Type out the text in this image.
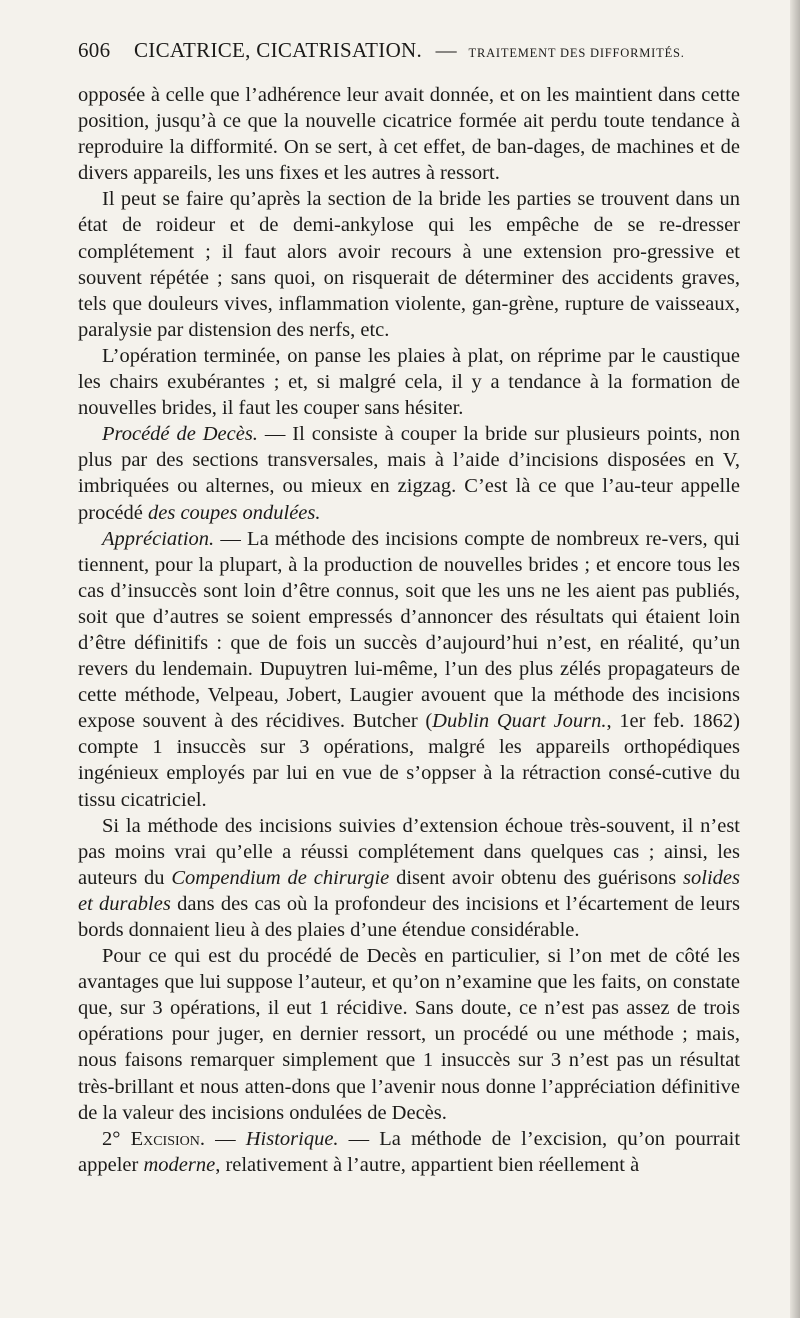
606 CICATRICE, CICATRISATION. — TRAITEMENT DES DIFFORMITÉS.

opposée à celle que l’adhérence leur avait donnée, et on les maintient dans cette position, jusqu’à ce que la nouvelle cicatrice formée ait perdu toute tendance à reproduire la difformité. On se sert, à cet effet, de ban-dages, de machines et de divers appareils, les uns fixes et les autres à ressort.

Il peut se faire qu’après la section de la bride les parties se trouvent dans un état de roideur et de demi-ankylose qui les empêche de se re-dresser complétement ; il faut alors avoir recours à une extension pro-gressive et souvent répétée ; sans quoi, on risquerait de déterminer des accidents graves, tels que douleurs vives, inflammation violente, gan-grène, rupture de vaisseaux, paralysie par distension des nerfs, etc.

L’opération terminée, on panse les plaies à plat, on réprime par le caustique les chairs exubérantes ; et, si malgré cela, il y a tendance à la formation de nouvelles brides, il faut les couper sans hésiter.

Procédé de Decès. — Il consiste à couper la bride sur plusieurs points, non plus par des sections transversales, mais à l’aide d’incisions disposées en V, imbriquées ou alternes, ou mieux en zigzag. C’est là ce que l’au-teur appelle procédé des coupes ondulées.

Appréciation. — La méthode des incisions compte de nombreux re-vers, qui tiennent, pour la plupart, à la production de nouvelles brides ; et encore tous les cas d’insuccès sont loin d’être connus, soit que les uns ne les aient pas publiés, soit que d’autres se soient empressés d’annoncer des résultats qui étaient loin d’être définitifs : que de fois un succès d’aujourd’hui n’est, en réalité, qu’un revers du lendemain. Dupuytren lui-même, l’un des plus zélés propagateurs de cette méthode, Velpeau, Jobert, Laugier avouent que la méthode des incisions expose souvent à des récidives. Butcher (Dublin Quart Journ., 1er feb. 1862) compte 1 insuccès sur 3 opérations, malgré les appareils orthopédiques ingénieux employés par lui en vue de s’oppser à la rétraction consé-cutive du tissu cicatriciel.

Si la méthode des incisions suivies d’extension échoue très-souvent, il n’est pas moins vrai qu’elle a réussi complétement dans quelques cas ; ainsi, les auteurs du Compendium de chirurgie disent avoir obtenu des guérisons solides et durables dans des cas où la profondeur des incisions et l’écartement de leurs bords donnaient lieu à des plaies d’une étendue considérable.

Pour ce qui est du procédé de Decès en particulier, si l’on met de côté les avantages que lui suppose l’auteur, et qu’on n’examine que les faits, on constate que, sur 3 opérations, il eut 1 récidive. Sans doute, ce n’est pas assez de trois opérations pour juger, en dernier ressort, un procédé ou une méthode ; mais, nous faisons remarquer simplement que 1 insuccès sur 3 n’est pas un résultat très-brillant et nous atten-dons que l’avenir nous donne l’appréciation définitive de la valeur des incisions ondulées de Decès.

2° Excision. — Historique. — La méthode de l’excision, qu’on pourrait appeler moderne, relativement à l’autre, appartient bien réellement à
